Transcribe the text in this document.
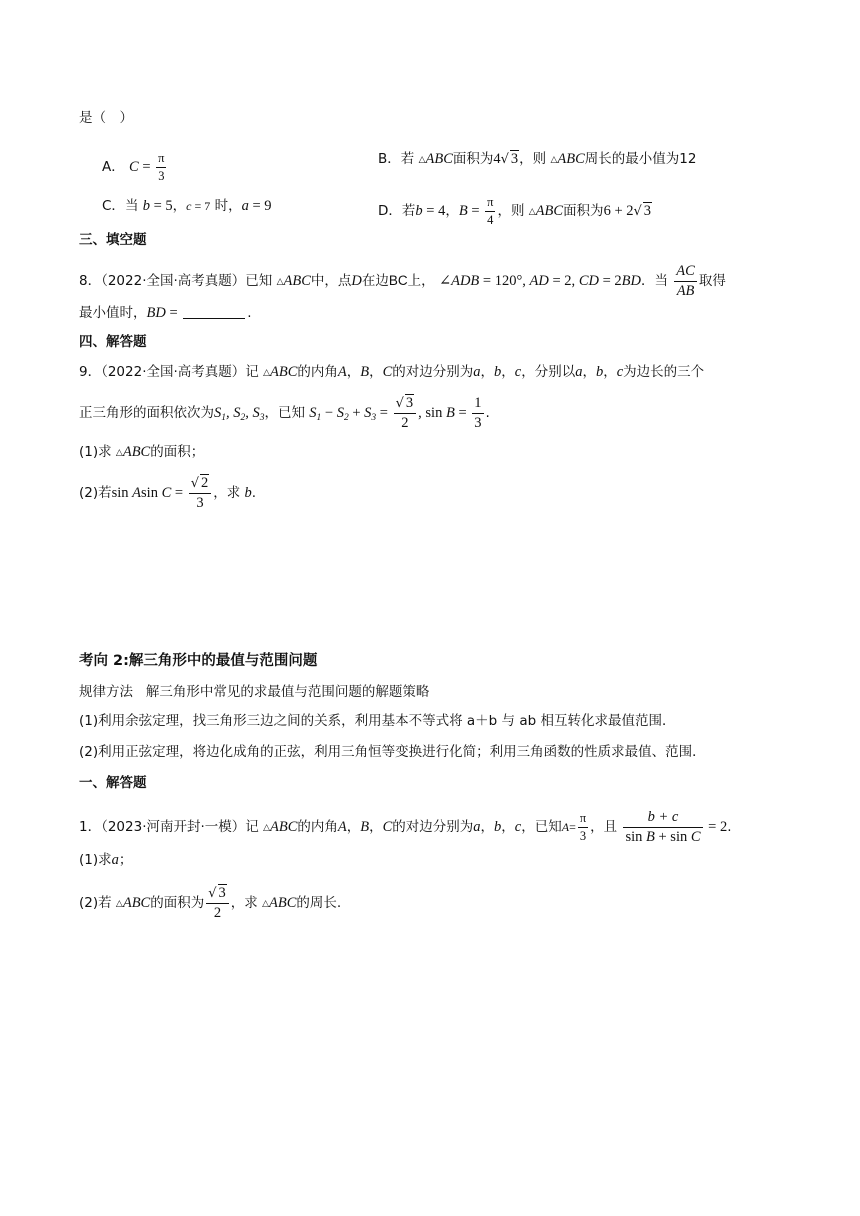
是（　）
A． $C = \frac{\pi}{3}$	B．若 △ABC面积为4√ 3，则 △ABC周长的最小值为12
C．当 b = 5，c = 7 时，a = 9	D．若b = 4，$B = \frac{\pi}{4}$ ，则 △ABC面积为6 + 2√ 3
三、填空题
8．（2022·全国·高考真题）已知 △ABC中，点D在边BC上， ∠ADB = 120°, AD = 2, CD = 2BD．当 $\frac{AC}{AB}$ 取得
最小值时，BD =	.
四、解答题
9．（2022·全国·高考真题）记 △ABC的内角A，B，C的对边分别为a，b，c，分别以a，b，c为边长的三个
正三角形的面积依次为$S_1$, $S_2$, $S_3$，已知 $S_1 - S_2 + S_3 = \frac{√ 3}{2}$ , $\sin B = \frac{1}{3}$ .
(1)求 △ABC的面积；
(2)若sin Asin $C = \frac{√ 2}{3}$ ，求 b.
考向 2:解三角形中的最值与范围问题
规律方法 解三角形中常见的求最值与范围问题的解题策略
(1)利用余弦定理，找三角形三边之间的关系，利用基本不等式将 a＋b 与 ab 相互转化求最值范围．
(2)利用正弦定理，将边化成角的正弦，利用三角恒等变换进行化简；利用三角函数的性质求最值、范围．
一、解答题
1．（2023·河南开封·一模）记 △ABC的内角A，B，C的对边分别为a，b，c，已知$A= \frac{\pi}{3}$ ，且 $\frac{b + c}{\text{sin B + sin C}} = 2$.
(1)求a；
(2)若 △ABC的面积为 $\frac{√ 3}{2}$ ，求 △ABC的周长.
